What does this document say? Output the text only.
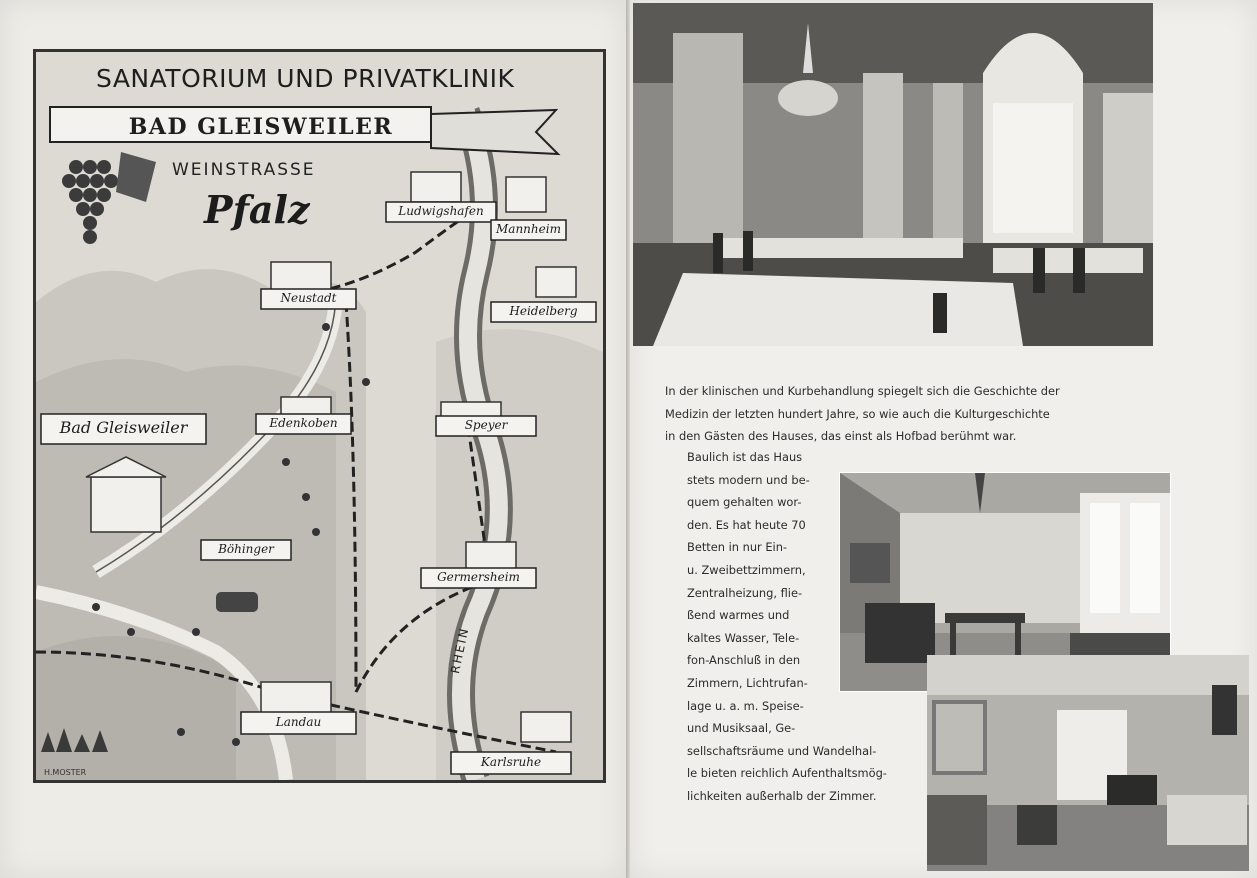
SANATORIUM UND PRIVATKLINIK
BAD GLEISWEILER
WEINSTRASSE
Pfalz	Ludwigshafen
Mannheim
Neustadt
Heidelberg
Bad Gleisweiler	Edenkoben	Speyer
Böhinger
Germersheim
Landau
Karlsruhe
RHEIN
H.MOSTER

In der klinischen und Kurbehandlung spiegelt sich die Geschichte der

Medizin der letzten hundert Jahre, so wie auch die Kulturgeschichte

in den Gästen des Hauses, das einst als Hofbad berühmt war.

Baulich ist das Haus
stets modern und be-
quem gehalten wor-
den. Es hat heute 70
Betten in nur Ein-
u. Zweibettzimmern,
Zentralheizung, flie-
ßend warmes und
kaltes Wasser, Tele-
fon-Anschluß in den
Zimmern, Lichtrufan-
lage u. a. m. Speise-
und Musiksaal, Ge-
sellschaftsräume und Wandelhal-
le bieten reichlich Aufenthaltsmög-
lichkeiten außerhalb der Zimmer.
